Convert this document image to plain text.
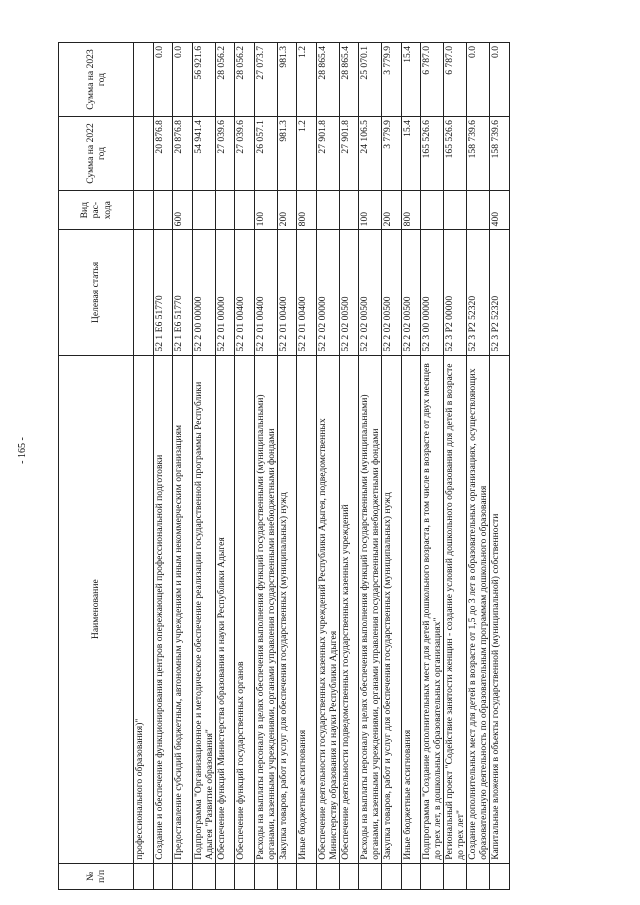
- 165 -
№ п/п	Наименование	Целевая статья	Вид рас-хода	Сумма на 2022 год	Сумма на 2023 год
	профессионального образования)"				
	Создание и обеспечение функционирования центров опережающей профессиональной подготовки	52 1 E6 51770		20 876.8	0.0
	Предоставление субсидий бюджетным, автономным учреждениям и иным некоммерческим организациям	52 1 E6 51770	600	20 876.8	0.0
	Подпрограмма "Организационное и методическое обеспечение реализации государственной программы Республики Адыгея "Развитие образования"	52 2 00 00000		54 941.4	56 921.6
	Обеспечение функций Министерства образования и науки Республики Адыгея	52 2 01 00000		27 039.6	28 056.2
	Обеспечение функций государственных органов	52 2 01 00400		27 039.6	28 056.2
	Расходы на выплаты персоналу в целях обеспечения выполнения функций государственными (муниципальными) органами, казенными учреждениями, органами управления государственными внебюджетными фондами	52 2 01 00400	100	26 057.1	27 073.7
	Закупка товаров, работ и услуг для обеспечения государственных (муниципальных) нужд	52 2 01 00400	200	981.3	981.3
	Иные бюджетные ассигнования	52 2 01 00400	800	1.2	1.2
	Обеспечение деятельности государственных казенных учреждений Республики Адыгея, подведомственных Министерству образования и науки Республики Адыгея	52 2 02 00000		27 901.8	28 865.4
	Обеспечение деятельности подведомственных государственных казенных учреждений	52 2 02 00500		27 901.8	28 865.4
	Расходы на выплаты персоналу в целях обеспечения выполнения функций государственными (муниципальными) органами, казенными учреждениями, органами управления государственными внебюджетными фондами	52 2 02 00500	100	24 106.5	25 070.1
	Закупка товаров, работ и услуг для обеспечения государственных (муниципальных) нужд	52 2 02 00500	200	3 779.9	3 779.9
	Иные бюджетные ассигнования	52 2 02 00500	800	15.4	15.4
	Подпрограмма "Создание дополнительных мест для детей дошкольного возраста, в том числе в возрасте от двух месяцев до трех лет, в дошкольных образовательных организациях"	52 3 00 00000		165 526.6	6 787.0
	Региональный проект "Содействие занятости женщин - создание условий дошкольного образования для детей в возрасте до трех лет"	52 3 P2 00000		165 526.6	6 787.0
	Создание дополнительных мест для детей в возрасте от 1,5 до 3 лет в образовательных организациях, осуществляющих образовательную деятельность по образовательным программам дошкольного образования	52 3 P2 52320		158 739.6	0.0
	Капитальные вложения в объекты государственной (муниципальной) собственности	52 3 P2 52320	400	158 739.6	0.0
